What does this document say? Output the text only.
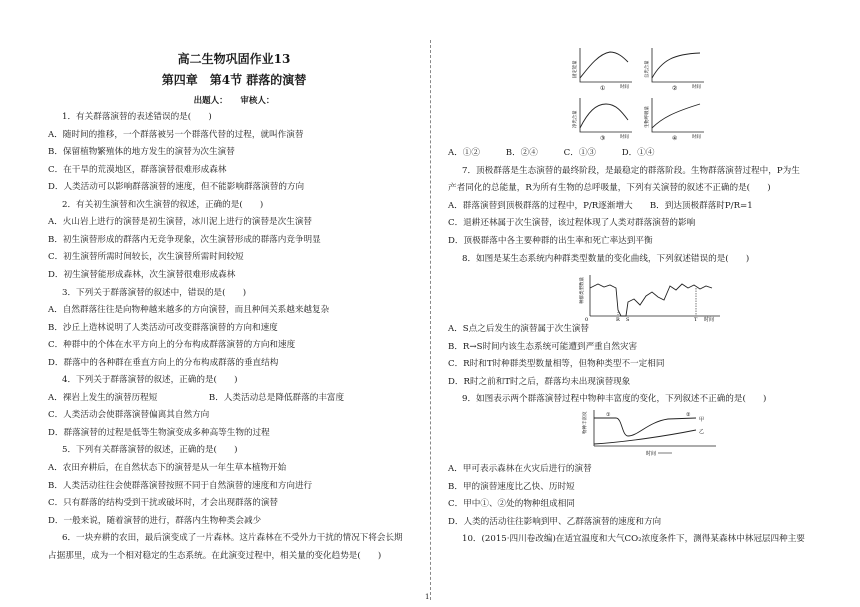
高二生物巩固作业13
第四章　第4节 群落的演替
出题人：　　审核人：
1．有关群落演替的表述错误的是(　　)
A．随时间的推移，一个群落被另一个群落代替的过程，就叫作演替
B．保留植物繁殖体的地方发生的演替为次生演替
C．在干旱的荒漠地区，群落演替很难形成森林
D．人类活动可以影响群落演替的速度，但不能影响群落演替的方向
2．有关初生演替和次生演替的叙述，正确的是(　　)
A．火山岩上进行的演替是初生演替，冰川泥上进行的演替是次生演替
B．初生演替形成的群落内无竞争现象，次生演替形成的群落内竞争明显
C．初生演替所需时间较长，次生演替所需时间较短
D．初生演替能形成森林，次生演替很难形成森林
3．下列关于群落演替的叙述中，错误的是(　　)
A．自然群落往往是向物种越来越多的方向演替，而且种间关系越来越复杂
B．沙丘上造林说明了人类活动可改变群落演替的方向和速度
C．种群中的个体在水平方向上的分布构成群落演替的方向和速度
D．群落中的各种群在垂直方向上的分布构成群落的垂直结构
4．下列关于群落演替的叙述，正确的是(　　)
A．裸岩上发生的演替历程短　　　　　　B．人类活动总是降低群落的丰富度
C．人类活动会使群落演替偏离其自然方向
D．群落演替的过程是低等生物演变成多种高等生物的过程
5．下列有关群落演替的叙述，正确的是(　　)
A．农田弃耕后，在自然状态下的演替是从一年生草本植物开始
B．人类活动往往会使群落演替按照不同于自然演替的速度和方向进行
C．只有群落的结构受到干扰或破坏时，才会出现群落的演替
D．一般来说，随着演替的进行，群落内生物种类会减少
6．一块弃耕的农田，最后演变成了一片森林。这片森林在不受外力干扰的情况下将会长期
占据那里，成为一个相对稳定的生态系统。在此演变过程中，相关量的变化趋势是(　　)
固定能量
时间
①
总光合量
时间
②
净光合量
时间
③
生物呼吸量
时间
④
A．①②　　　B．②④　　　C．①③　　　D．①④
7．顶极群落是生态演替的最终阶段，是最稳定的群落阶段。生物群落演替过程中，P为生
产者同化的总能量，R为所有生物的总呼吸量，下列有关演替的叙述不正确的是(　　)
A．群落演替到顶极群落的过程中，P/R逐渐增大　　B．到达顶极群落时P/R=1
C．退耕还林属于次生演替，该过程体现了人类对群落演替的影响
D．顶极群落中各主要种群的出生率和死亡率达到平衡
8．如图是某生态系统内种群类型数量的变化曲线，下列叙述错误的是(　　)
种群类型数量
0	R S	T 时间
A．S点之后发生的演替属于次生演替
B．R→S时间内该生态系统可能遭到严重自然灾害
C．R时和T时种群类型数量相等，但物种类型不一定相同
D．R时之前和T时之后，群落均未出现演替现象
9．如图表示两个群落演替过程中物种丰富度的变化，下列叙述不正确的是(　　)
物种丰富度	①	②
甲
乙
时间
A．甲可表示森林在火灾后进行的演替
B．甲的演替速度比乙快、历时短
C．甲中①、②处的物种组成相同
D．人类的活动往往影响到甲、乙群落演替的速度和方向
10．(2015·四川卷改编)在适宜温度和大气CO₂浓度条件下，测得某森林中林冠层四种主要
1
